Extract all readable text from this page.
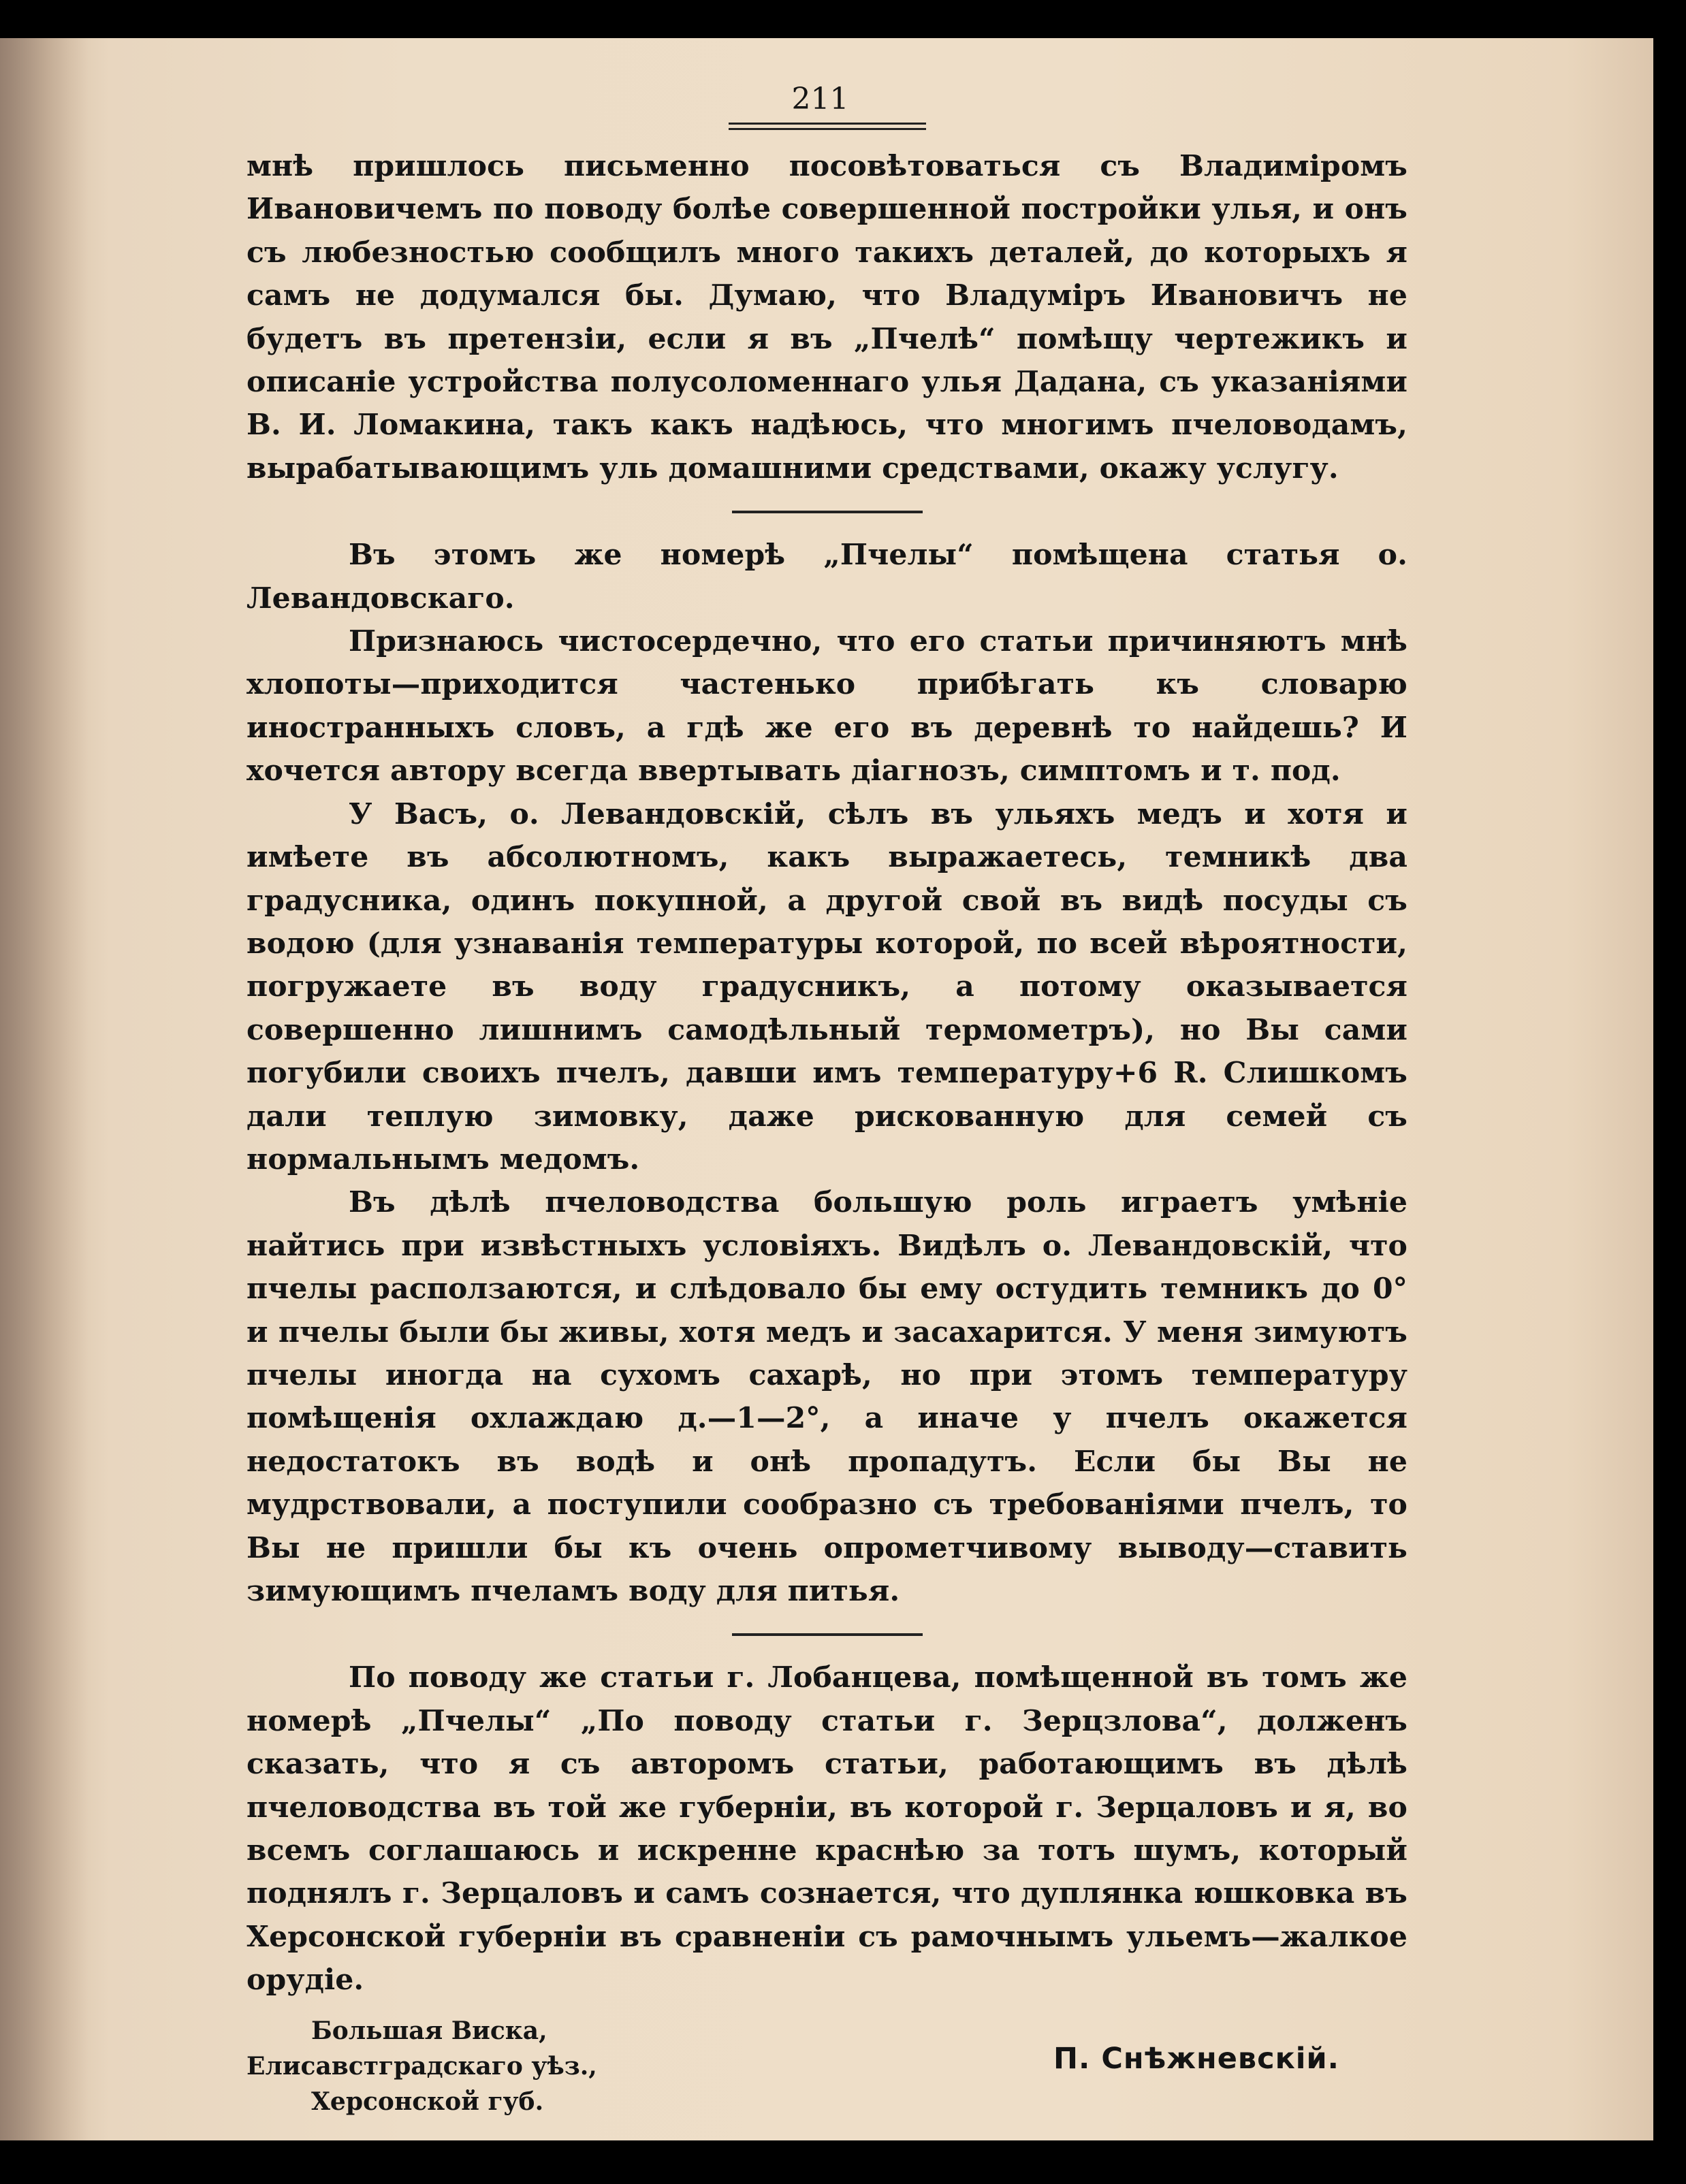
211

мнѣ пришлось письменно посовѣтоваться съ Владимiромъ Ивановичемъ по поводу болѣе совершенной постройки улья, и онъ съ любезностью сообщилъ много такихъ деталей, до которыхъ я самъ не додумался бы. Думаю, что Владумiръ Ивановичъ не будетъ въ претензiи, если я въ „Пчелѣ“ помѣщу чертежикъ и описанiе устройства полусоломеннаго улья Дадана, съ указанiями В. И. Ломакина, такъ какъ надѣюсь, что многимъ пчеловодамъ, вырабатывающимъ уль домашними средствами, окажу услугу.

Въ этомъ же номерѣ „Пчелы“ помѣщена статья о. Левандовскаго.

Признаюсь чистосердечно, что его статьи причиняютъ мнѣ хлопоты—приходится частенько прибѣгать къ словарю иностранныхъ словъ, а гдѣ же его въ деревнѣ то найдешь? И хочется автору всегда ввертывать дiагнозъ, симптомъ и т. под.

У Васъ, о. Левандовскiй, сѣлъ въ ульяхъ медъ и хотя и имѣете въ абсолютномъ, какъ выражаетесь, темникѣ два градусника, одинъ покупной, а другой свой въ видѣ посуды съ водою (для узнаванiя температуры которой, по всей вѣроятности, погружаете въ воду градусникъ, а потому оказывается совершенно лишнимъ самодѣльный термометръ), но Вы сами погубили своихъ пчелъ, давши имъ температуру+6 R. Слишкомъ дали теплую зимовку, даже рискованную для семей съ нормальнымъ медомъ.

Въ дѣлѣ пчеловодства большую роль играетъ умѣнiе найтись при извѣстныхъ условiяхъ. Видѣлъ о. Левандовскiй, что пчелы расползаются, и слѣдовало бы ему остудить темникъ до 0° и пчелы были бы живы, хотя медъ и засахарится. У меня зимуютъ пчелы иногда на сухомъ сахарѣ, но при этомъ температуру помѣщенiя охлаждаю д.—1—2°, а иначе у пчелъ окажется недостатокъ въ водѣ и онѣ пропадутъ. Если бы Вы не мудрствовали, а поступили сообразно съ требованiями пчелъ, то Вы не пришли бы къ очень опрометчивому выводу—ставить зимующимъ пчеламъ воду для питья.

По поводу же статьи г. Лобанцева, помѣщенной въ томъ же номерѣ „Пчелы“ „По поводу статьи г. Зерцзлова“, долженъ сказать, что я съ авторомъ статьи, работающимъ въ дѣлѣ пчеловодства въ той же губернiи, въ которой г. Зерцаловъ и я, во всемъ соглашаюсь и искренне краснѣю за тотъ шумъ, который поднялъ г. Зерцаловъ и самъ сознается, что дуплянка юшковка въ Херсонской губернiи въ сравненiи съ рамочнымъ ульемъ—жалкое орудiе.

Большая Виска,
Елисавстградскаго уѣз.,
Херсонской губ.
П. Снѣжневскiй.
